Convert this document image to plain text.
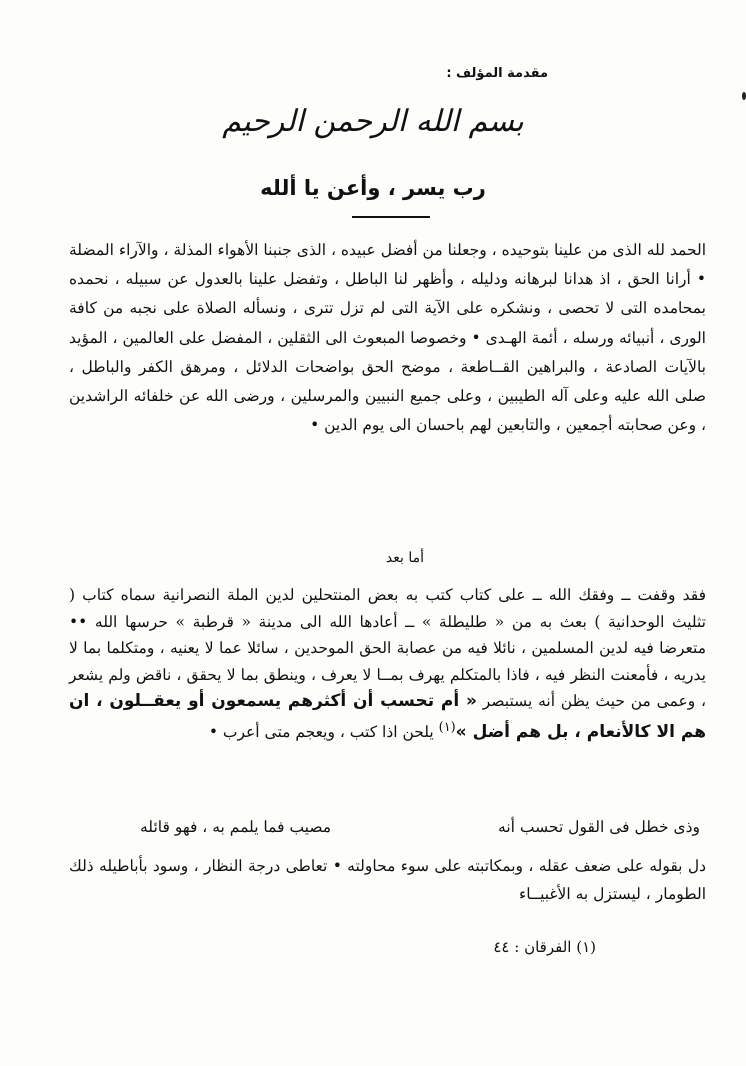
مقدمة المؤلف :
بسم الله الرحمن الرحيم
رب يسر ، وأعن يا ألله

الحمد لله الذى من علينا بتوحيده ، وجعلنا من أفضل عبيده ، الذى جنبنا الأهواء المذلة ، والآراء المضلة • أرانا الحق ، اذ هدانا لبرهانه ودليله ، وأظهر لنا الباطل ، وتفضل علينا بالعدول عن سبيله ، نحمده بمحامده التى لا تحصى ، ونشكره على الآية التى لم تزل تترى ، ونسأله الصلاة على نجبه من كافة الورى ، أنبيائه ورسله ، أئمة الهـدى • وخصوصا المبعوث الى الثقلين ، المفضل على العالمين ، المؤيد بالآيات الصادعة ، والبراهين القــاطعة ، موضح الحق بواضحات الدلائل ، ومرهق الكفر والباطل ، صلى الله عليه وعلى آله الطيبين ، وعلى جميع النبيين والمرسلين ، ورضى الله عن خلفائه الراشدين ، وعن صحابته أجمعين ، والتابعين لهم باحسان الى يوم الدين •

أما بعد

فقد وقفت ــ وفقك الله ــ على كتاب كتب به بعض المنتحلين لدين الملة النصرانية سماه كتاب ( تثليث الوحدانية ) بعث به من « طليطلة » ــ أعادها الله الى مدينة « قرطبة » حرسها الله •• متعرضا فيه لدين المسلمين ، نائلا فيه من عصابة الحق الموحدين ، سائلا عما لا يعنيه ، ومتكلما بما لا يدريه ، فأمعنت النظر فيه ، فاذا بالمتكلم يهرف بمــا لا يعرف ، وينطق بما لا يحقق ، ناقض ولم يشعر ، وعمى من حيث يظن أنه يستبصر « أم تحسب أن أكثرهم يسمعون أو يعقــلون ، ان هم الا كالأنعام ، بل هم أضل »$^{(١)}$ يلحن اذا كتب ، ويعجم متى أعرب •

وذى خطل فى القول تحسب أنه
مصيب فما يلمم به ، فهو قائله

دل بقوله على ضعف عقله ، وبمكاتبته على سوء محاولته • تعاطى درجة النظار ، وسود بأباطيله ذلك الطومار ، ليستزل به الأغبيــاء

(١) الفرقان : ٤٤
